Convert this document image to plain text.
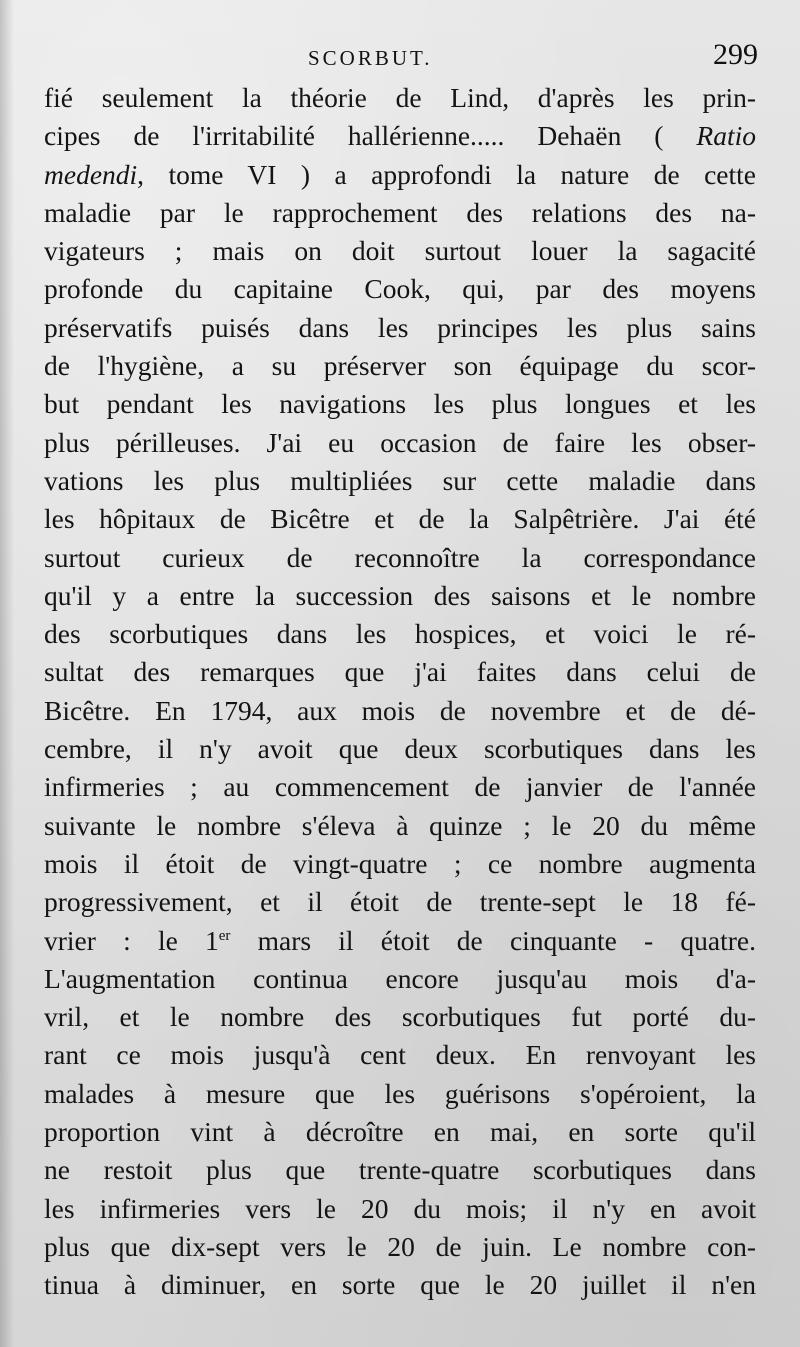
SCORBUT.	299
fié seulement la théorie de Lind, d'après les prin-
cipes de l'irritabilité hallérienne..... Dehaën ( Ratio
medendi, tome VI ) a approfondi la nature de cette
maladie par le rapprochement des relations des na-
vigateurs ; mais on doit surtout louer la sagacité
profonde du capitaine Cook, qui, par des moyens
préservatifs puisés dans les principes les plus sains
de l'hygiène, a su préserver son équipage du scor-
but pendant les navigations les plus longues et les
plus périlleuses. J'ai eu occasion de faire les obser-
vations les plus multipliées sur cette maladie dans
les hôpitaux de Bicêtre et de la Salpêtrière. J'ai été
surtout curieux de reconnoître la correspondance
qu'il y a entre la succession des saisons et le nombre
des scorbutiques dans les hospices, et voici le ré-
sultat des remarques que j'ai faites dans celui de
Bicêtre. En 1794, aux mois de novembre et de dé-
cembre, il n'y avoit que deux scorbutiques dans les
infirmeries ; au commencement de janvier de l'année
suivante le nombre s'éleva à quinze ; le 20 du même
mois il étoit de vingt-quatre ; ce nombre augmenta
progressivement, et il étoit de trente-sept le 18 fé-
vrier : le 1er mars il étoit de cinquante - quatre.
L'augmentation continua encore jusqu'au mois d'a-
vril, et le nombre des scorbutiques fut porté du-
rant ce mois jusqu'à cent deux. En renvoyant les
malades à mesure que les guérisons s'opéroient, la
proportion vint à décroître en mai, en sorte qu'il
ne restoit plus que trente-quatre scorbutiques dans
les infirmeries vers le 20 du mois; il n'y en avoit
plus que dix-sept vers le 20 de juin. Le nombre con-
tinua à diminuer, en sorte que le 20 juillet il n'en
